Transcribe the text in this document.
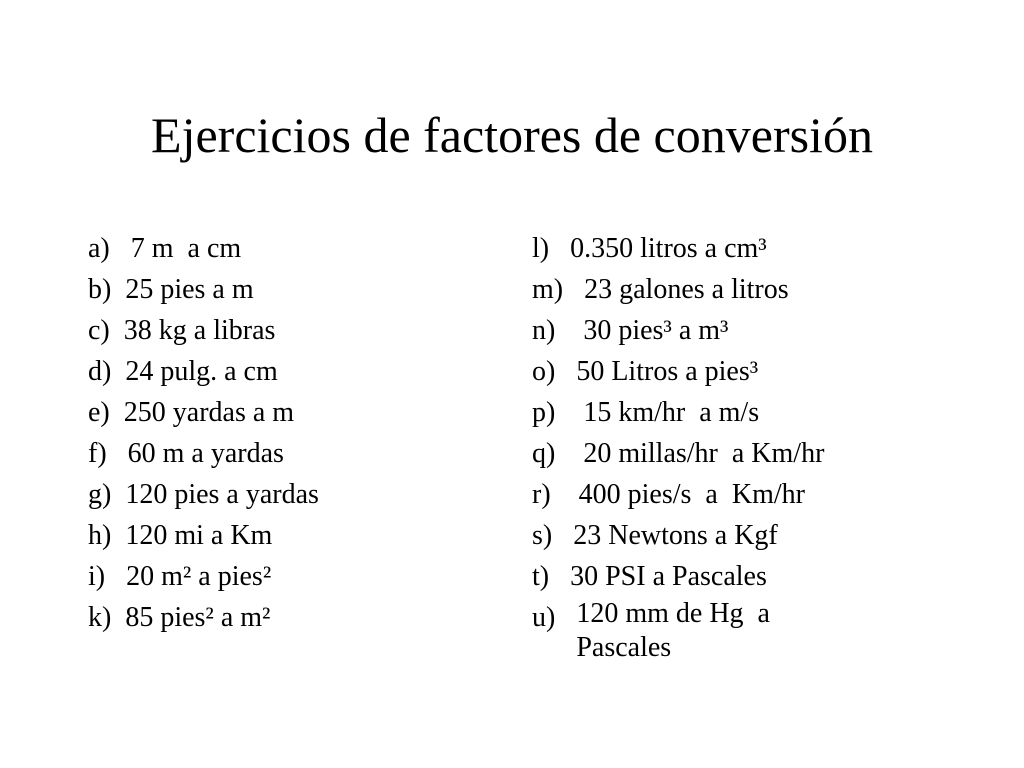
Ejercicios de factores de conversión
a) 7 m  a cm
b) 25 pies a m
c) 38 kg a libras
d) 24 pulg. a cm
e) 250 yardas a m
f) 60 m a yardas
g) 120 pies a yardas
h) 120 mi a Km
i) 20 m² a pies²
k) 85 pies² a m²
l) 0.350 litros a cm³
m) 23 galones a litros
n) 30 pies³ a m³
o) 50 Litros a pies³
p) 15 km/hr  a m/s
q) 20 millas/hr  a Km/hr
r) 400 pies/s  a  Km/hr
s) 23 Newtons a Kgf
t) 30 PSI a Pascales
u) 120 mm de Hg  a Pascales
